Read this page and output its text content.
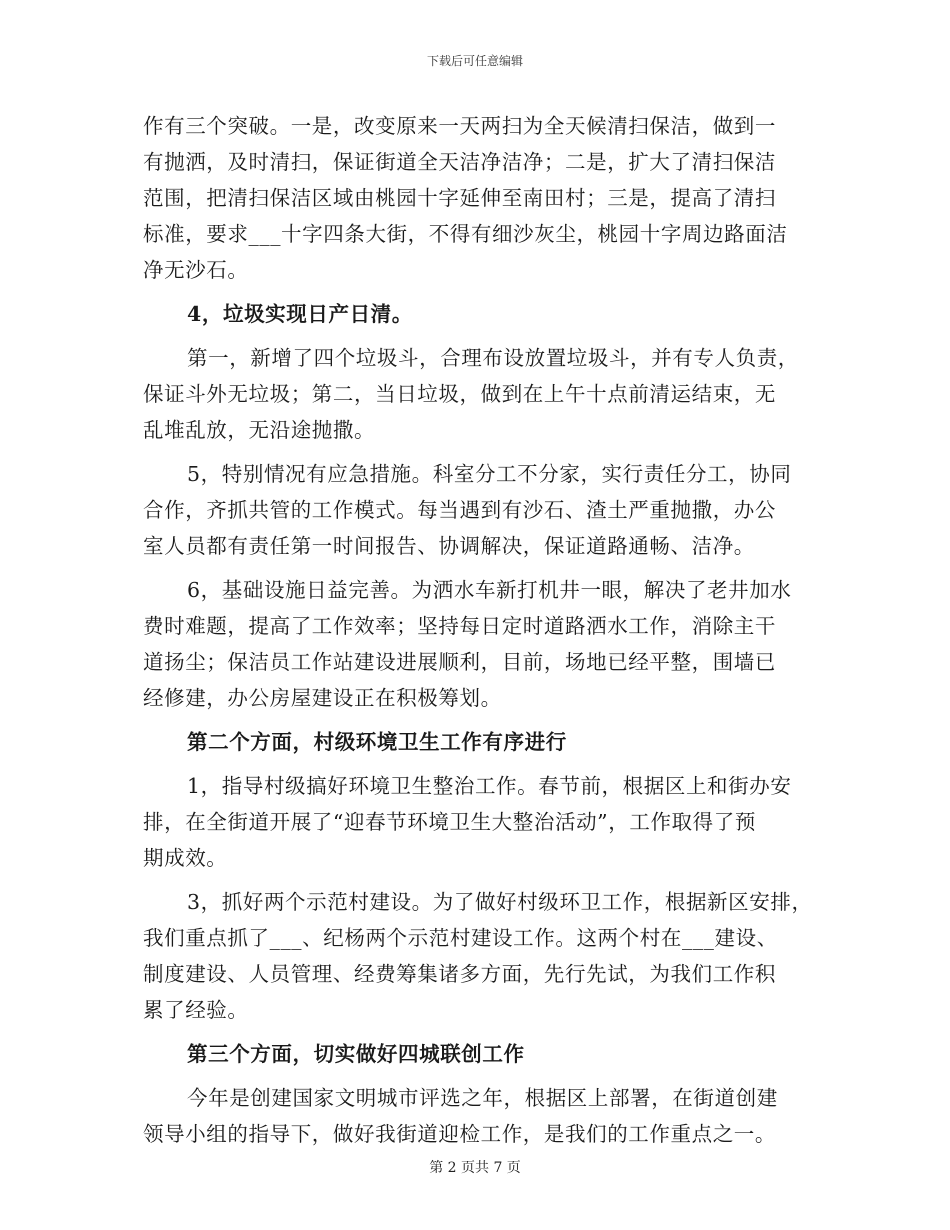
下载后可任意编辑
作有三个突破。一是，改变原来一天两扫为全天候清扫保洁，做到一
有抛洒，及时清扫，保证街道全天洁净洁净；二是，扩大了清扫保洁
范围，把清扫保洁区域由桃园十字延伸至南田村；三是，提高了清扫
标准，要求___十字四条大街，不得有细沙灰尘，桃园十字周边路面洁
净无沙石。
4，垃圾实现日产日清。
第一，新增了四个垃圾斗，合理布设放置垃圾斗，并有专人负责，
保证斗外无垃圾；第二，当日垃圾，做到在上午十点前清运结束，无
乱堆乱放，无沿途抛撒。
5，特别情况有应急措施。科室分工不分家，实行责任分工，协同
合作，齐抓共管的工作模式。每当遇到有沙石、渣土严重抛撒，办公
室人员都有责任第一时间报告、协调解决，保证道路通畅、洁净。
6，基础设施日益完善。为洒水车新打机井一眼，解决了老井加水
费时难题，提高了工作效率；坚持每日定时道路洒水工作，消除主干
道扬尘；保洁员工作站建设进展顺利，目前，场地已经平整，围墙已
经修建，办公房屋建设正在积极筹划。
第二个方面，村级环境卫生工作有序进行
1，指导村级搞好环境卫生整治工作。春节前，根据区上和街办安
排，在全街道开展了“迎春节环境卫生大整治活动”，工作取得了预
期成效。
3，抓好两个示范村建设。为了做好村级环卫工作，根据新区安排，
我们重点抓了___、纪杨两个示范村建设工作。这两个村在___建设、
制度建设、人员管理、经费筹集诸多方面，先行先试，为我们工作积
累了经验。
第三个方面，切实做好四城联创工作
今年是创建国家文明城市评选之年，根据区上部署，在街道创建
领导小组的指导下，做好我街道迎检工作，是我们的工作重点之一。
第 2 页共 7 页
